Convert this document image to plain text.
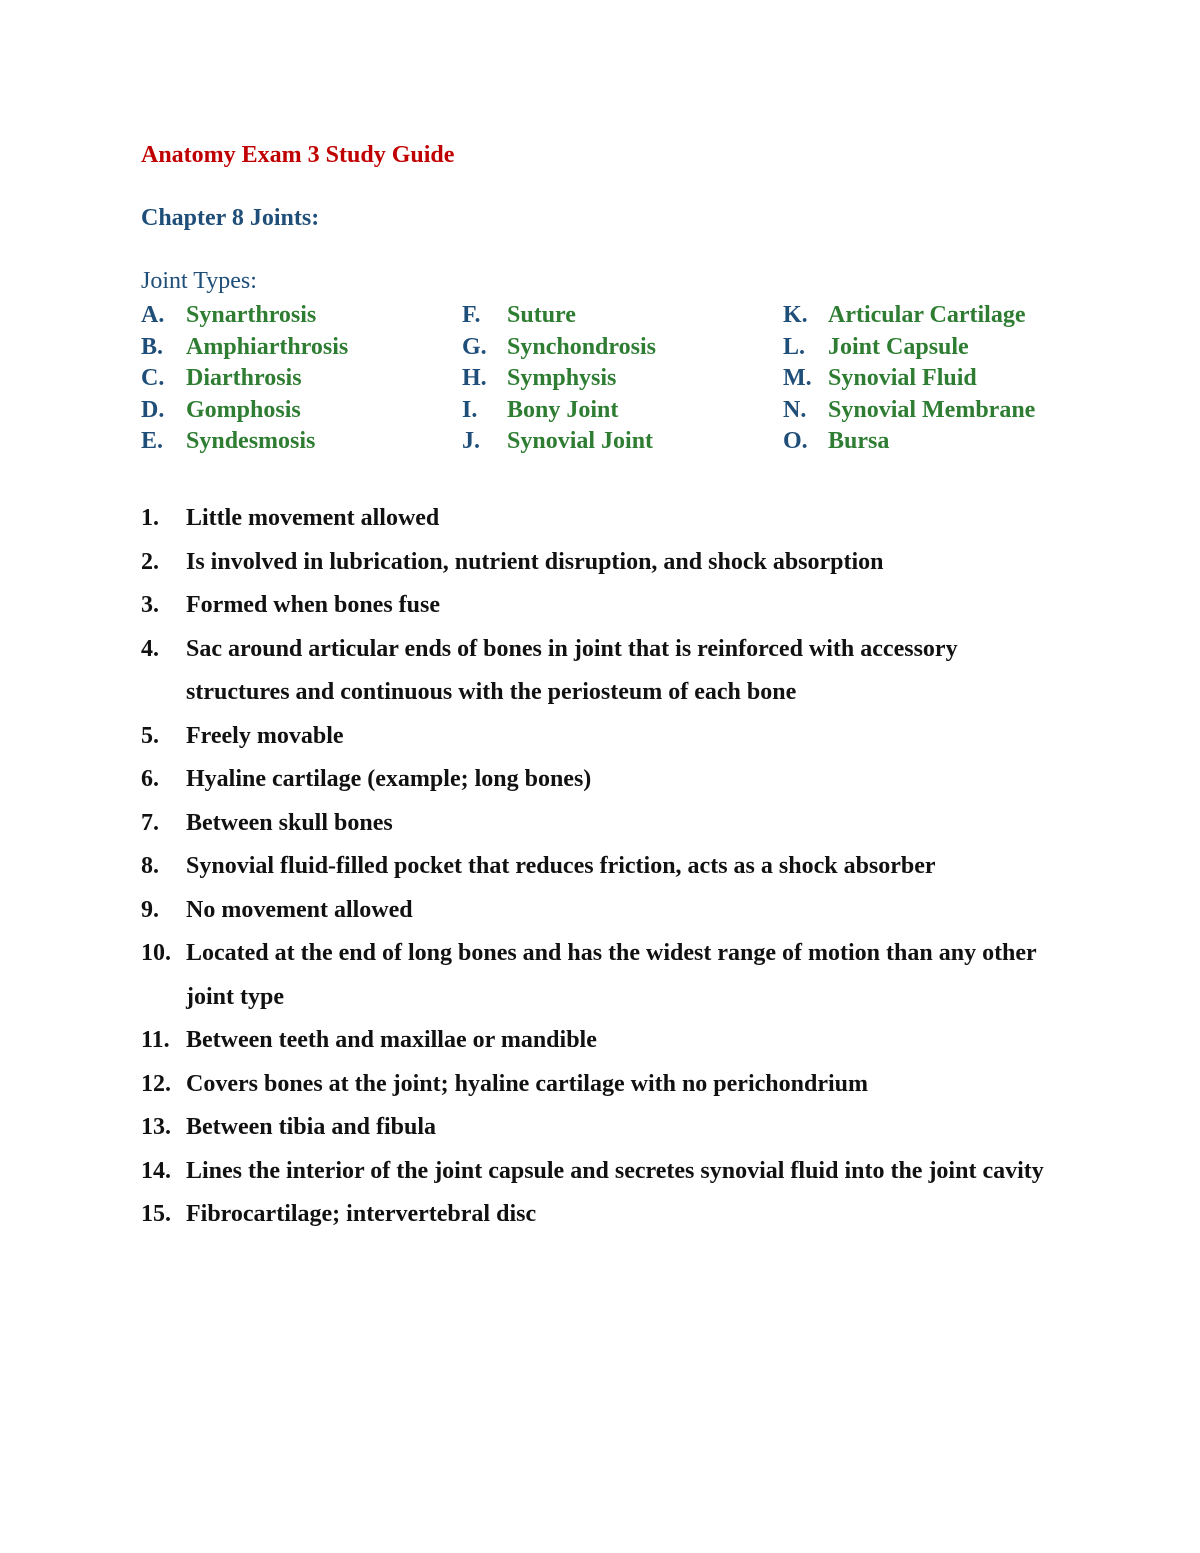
Anatomy Exam 3 Study Guide
Chapter 8 Joints:
Joint Types:
A. Synarthrosis
B. Amphiarthrosis
C. Diarthrosis
D. Gomphosis
E. Syndesmosis
F. Suture
G. Synchondrosis
H. Symphysis
I. Bony Joint
J. Synovial Joint
K. Articular Cartilage
L. Joint Capsule
M. Synovial Fluid
N. Synovial Membrane
O. Bursa
1. Little movement allowed
2. Is involved in lubrication, nutrient disruption, and shock absorption
3. Formed when bones fuse
4. Sac around articular ends of bones in joint that is reinforced with accessory structures and continuous with the periosteum of each bone
5. Freely movable
6. Hyaline cartilage (example; long bones)
7. Between skull bones
8. Synovial fluid-filled pocket that reduces friction, acts as a shock absorber
9. No movement allowed
10. Located at the end of long bones and has the widest range of motion than any other joint type
11. Between teeth and maxillae or mandible
12. Covers bones at the joint; hyaline cartilage with no perichondrium
13. Between tibia and fibula
14. Lines the interior of the joint capsule and secretes synovial fluid into the joint cavity
15. Fibrocartilage; intervertebral disc
